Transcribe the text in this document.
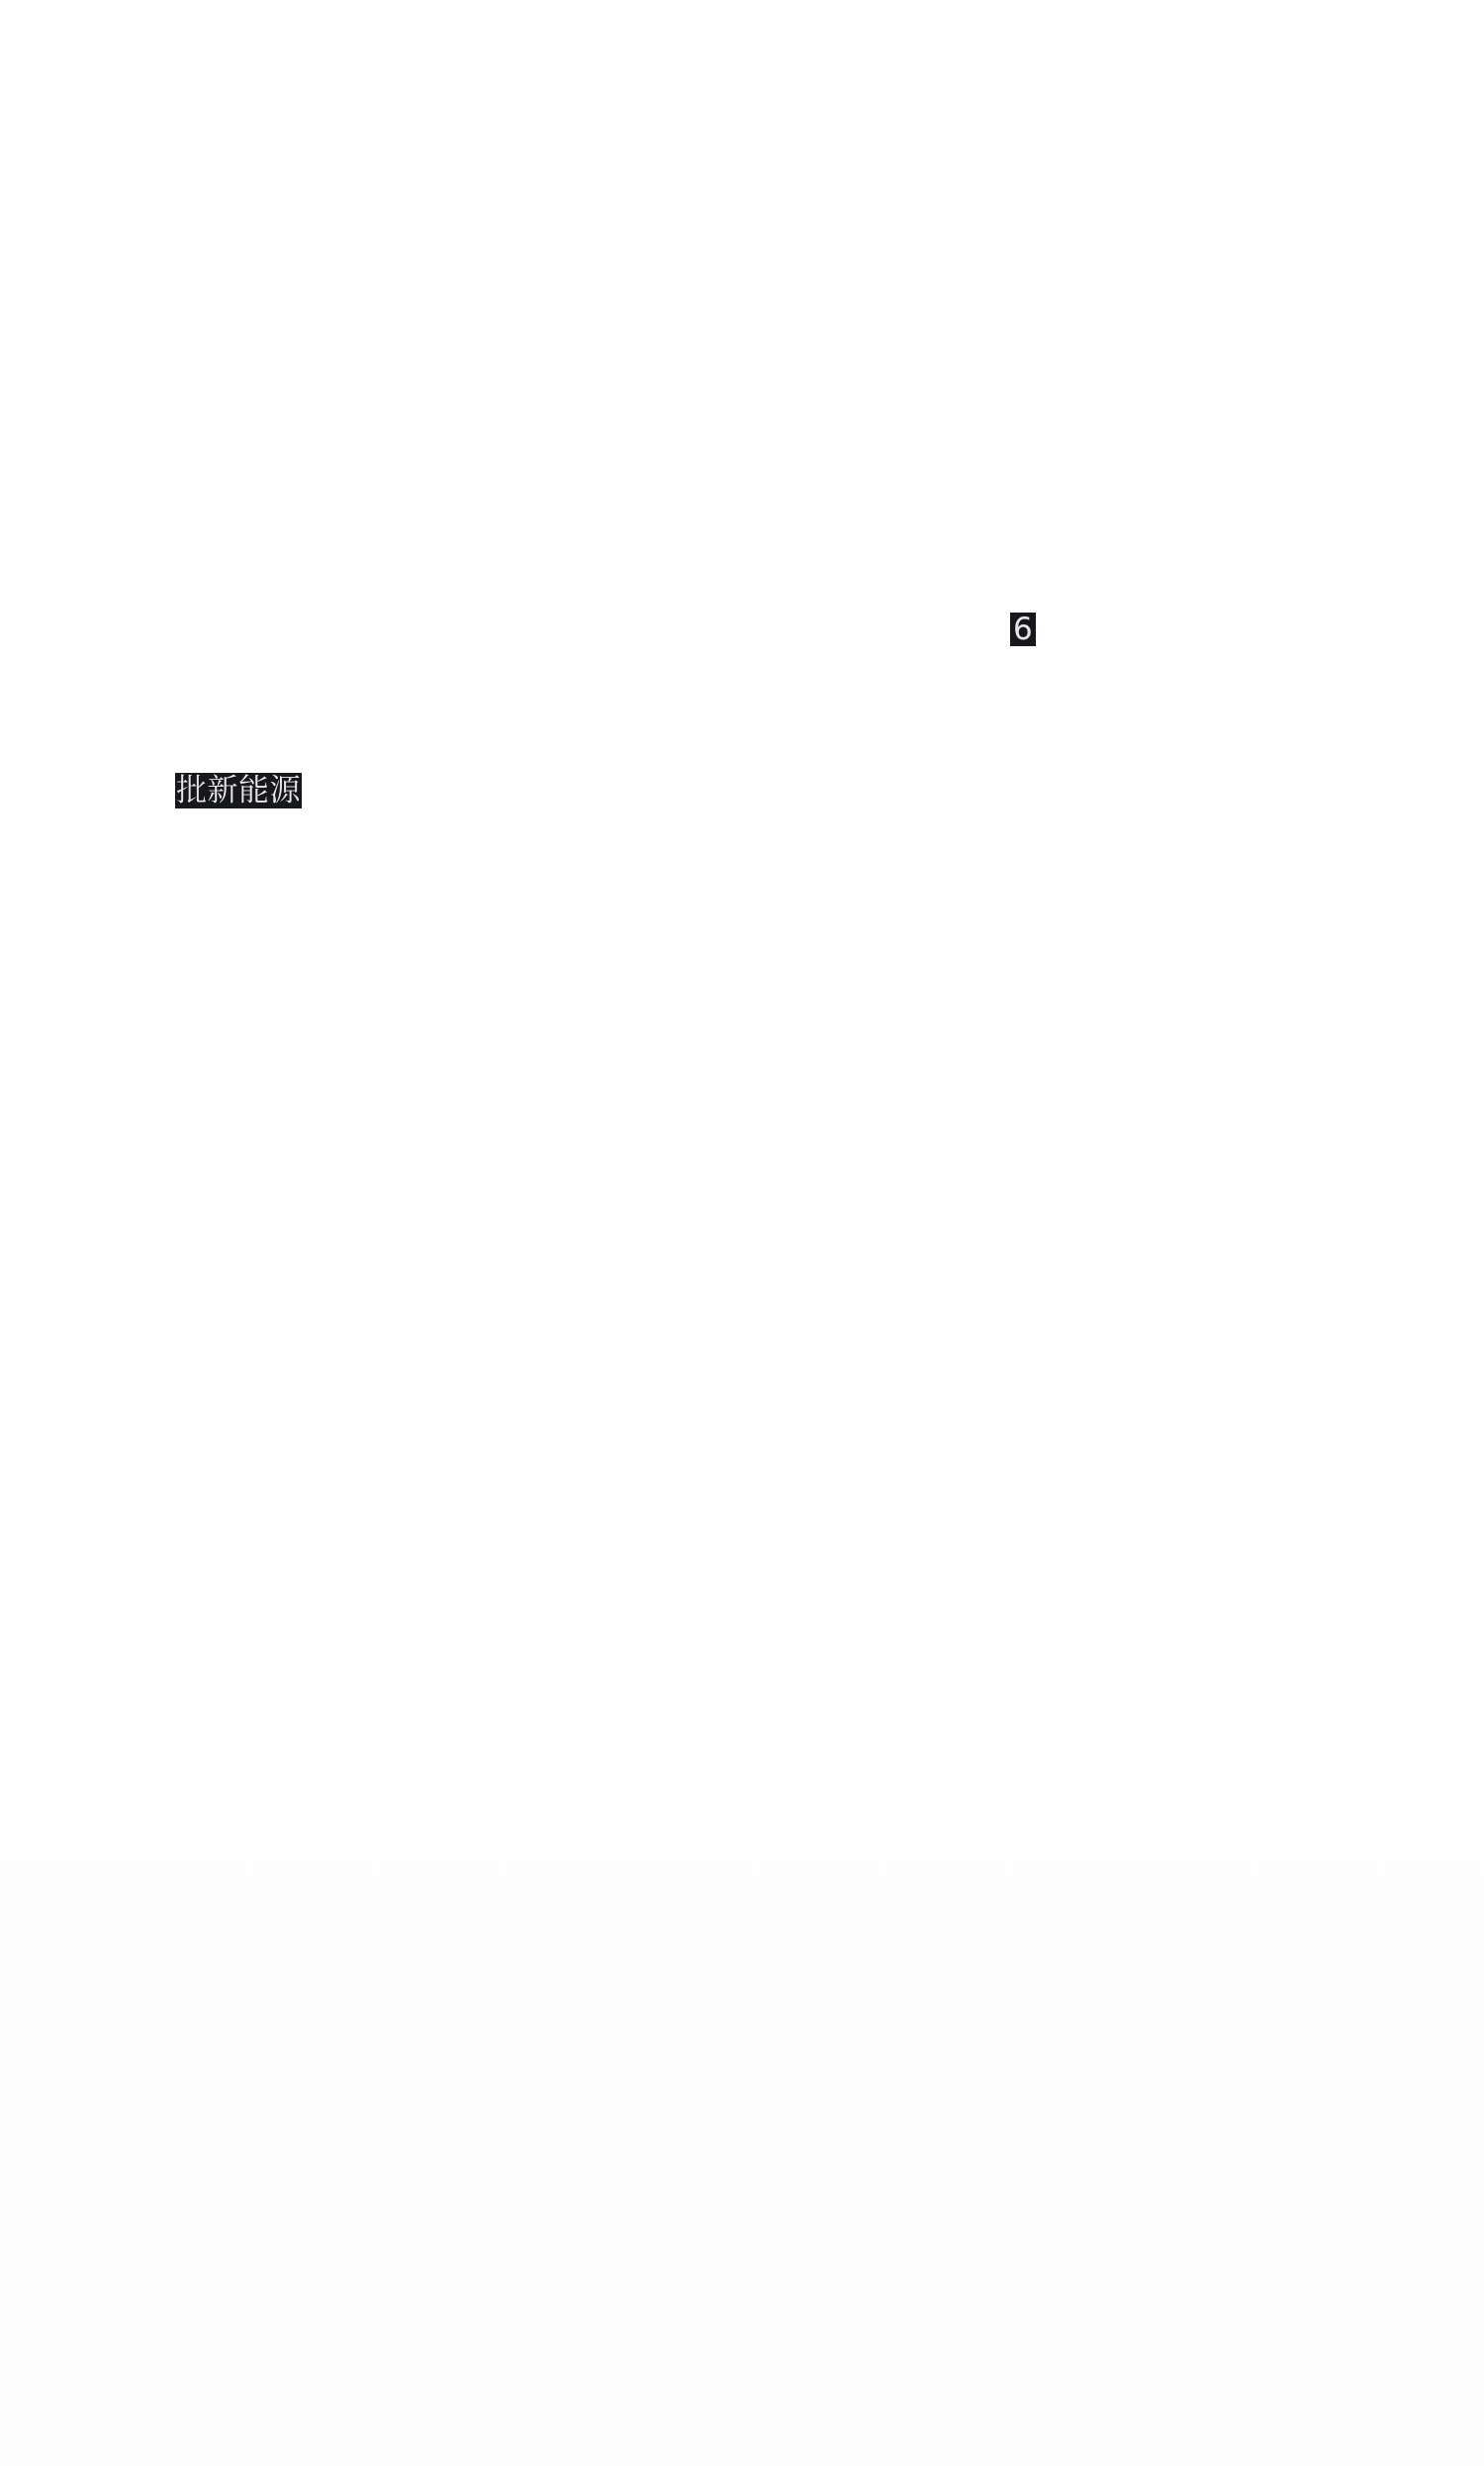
6
批新能源
